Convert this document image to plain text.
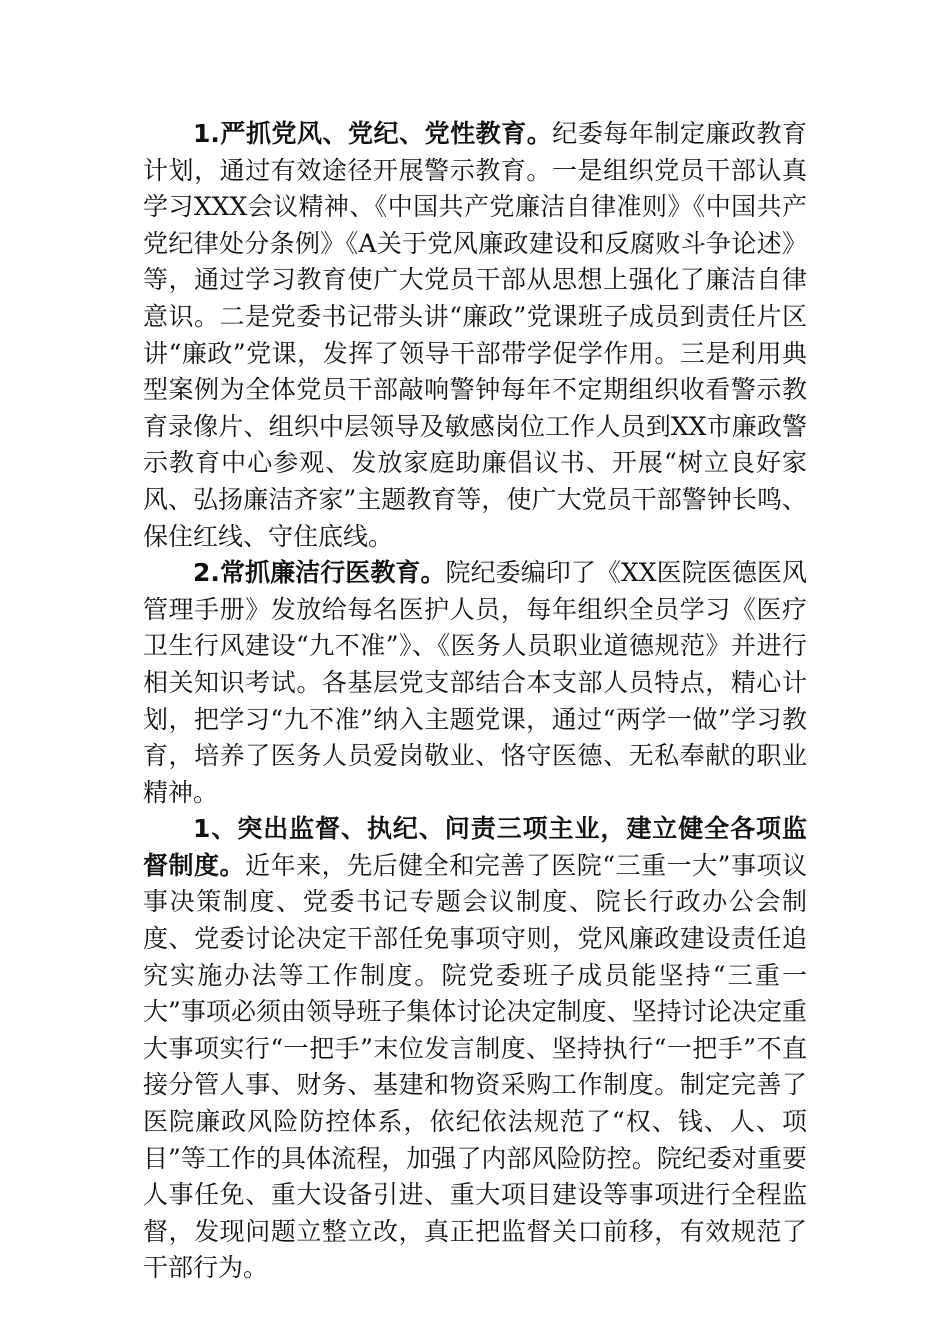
1.严抓党风、党纪、党性教育。纪委每年制定廉政教育计划，通过有效途径开展警示教育。一是组织党员干部认真学习XXX会议精神、《中国共产党廉洁自律准则》《中国共产党纪律处分条例》《A关于党风廉政建设和反腐败斗争论述》等，通过学习教育使广大党员干部从思想上强化了廉洁自律意识。二是党委书记带头讲“廉政”党课班子成员到责任片区讲“廉政”党课，发挥了领导干部带学促学作用。三是利用典型案例为全体党员干部敲响警钟每年不定期组织收看警示教育录像片、组织中层领导及敏感岗位工作人员到XX市廉政警示教育中心参观、发放家庭助廉倡议书、开展“树立良好家风、弘扬廉洁齐家”主题教育等，使广大党员干部警钟长鸣、保住红线、守住底线。

2.常抓廉洁行医教育。院纪委编印了《XX医院医德医风管理手册》发放给每名医护人员，每年组织全员学习《医疗卫生行风建设“九不准”》、《医务人员职业道德规范》并进行相关知识考试。各基层党支部结合本支部人员特点，精心计划，把学习“九不准”纳入主题党课，通过“两学一做”学习教育，培养了医务人员爱岗敬业、恪守医德、无私奉献的职业精神。

1、突出监督、执纪、问责三项主业，建立健全各项监督制度。近年来，先后健全和完善了医院“三重一大”事项议事决策制度、党委书记专题会议制度、院长行政办公会制度、党委讨论决定干部任免事项守则，党风廉政建设责任追究实施办法等工作制度。院党委班子成员能坚持“三重一大”事项必须由领导班子集体讨论决定制度、坚持讨论决定重大事项实行“一把手”末位发言制度、坚持执行“一把手”不直接分管人事、财务、基建和物资采购工作制度。制定完善了医院廉政风险防控体系，依纪依法规范了“权、钱、人、项目”等工作的具体流程，加强了内部风险防控。院纪委对重要人事任免、重大设备引进、重大项目建设等事项进行全程监督，发现问题立整立改，真正把监督关口前移，有效规范了干部行为。
